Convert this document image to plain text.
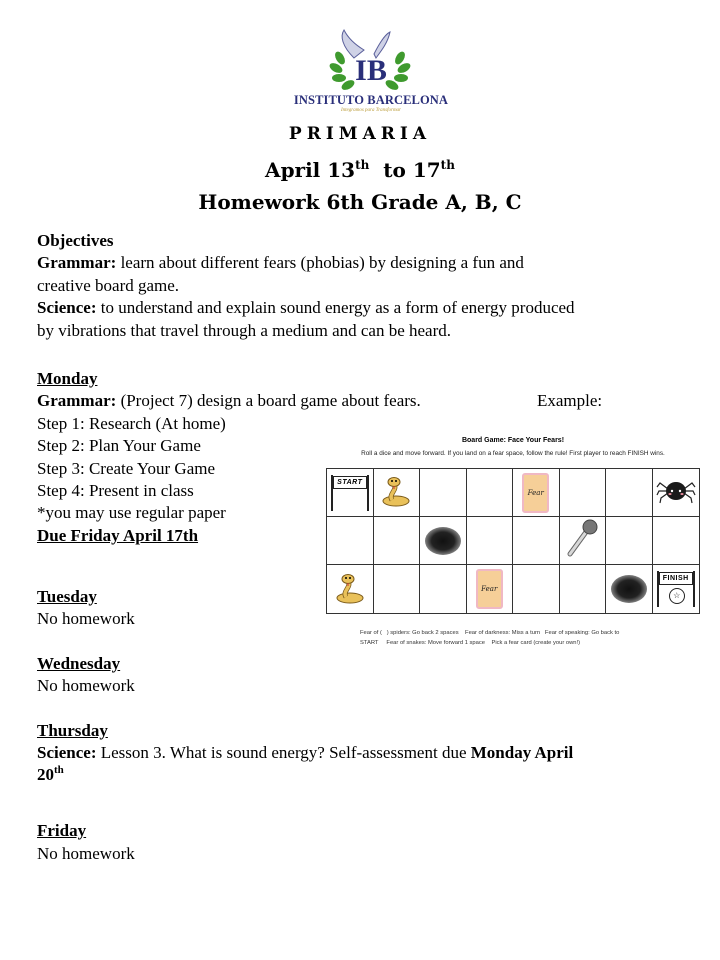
IB
INSTITUTO BARCELONA
Integramos para Transformar
PRIMARIA
April 13th to 17th
Homework 6th Grade A, B, C
Objectives
Grammar: learn about different fears (phobias) by designing a fun and
creative board game.
Science: to understand and explain sound energy as a form of energy produced
by vibrations that travel through a medium and can be heard.
Monday
Grammar: (Project 7) design a board game about fears.	Example:
Step 1: Research (At home)
Step 2: Plan Your Game
Step 3: Create Your Game
Step 4: Present in class
*you may use regular paper
Due Friday April 17th
Board Game: Face Your Fears!
Roll a dice and move forward. If you land on a fear space, follow the rule! First player to reach FINISH wins.
START
Fear
Fear
FINISH
☆
Fear of (   ) spiders: Go back 2 spaces    Fear of darkness: Miss a turn   Fear of speaking: Go back to
START     Fear of snakes: Move forward 1 space    Pick a fear card (create your own!)
Tuesday
No homework
Wednesday
No homework
Thursday
Science: Lesson 3. What is sound energy? Self-assessment due Monday April
20th
Friday
No homework
